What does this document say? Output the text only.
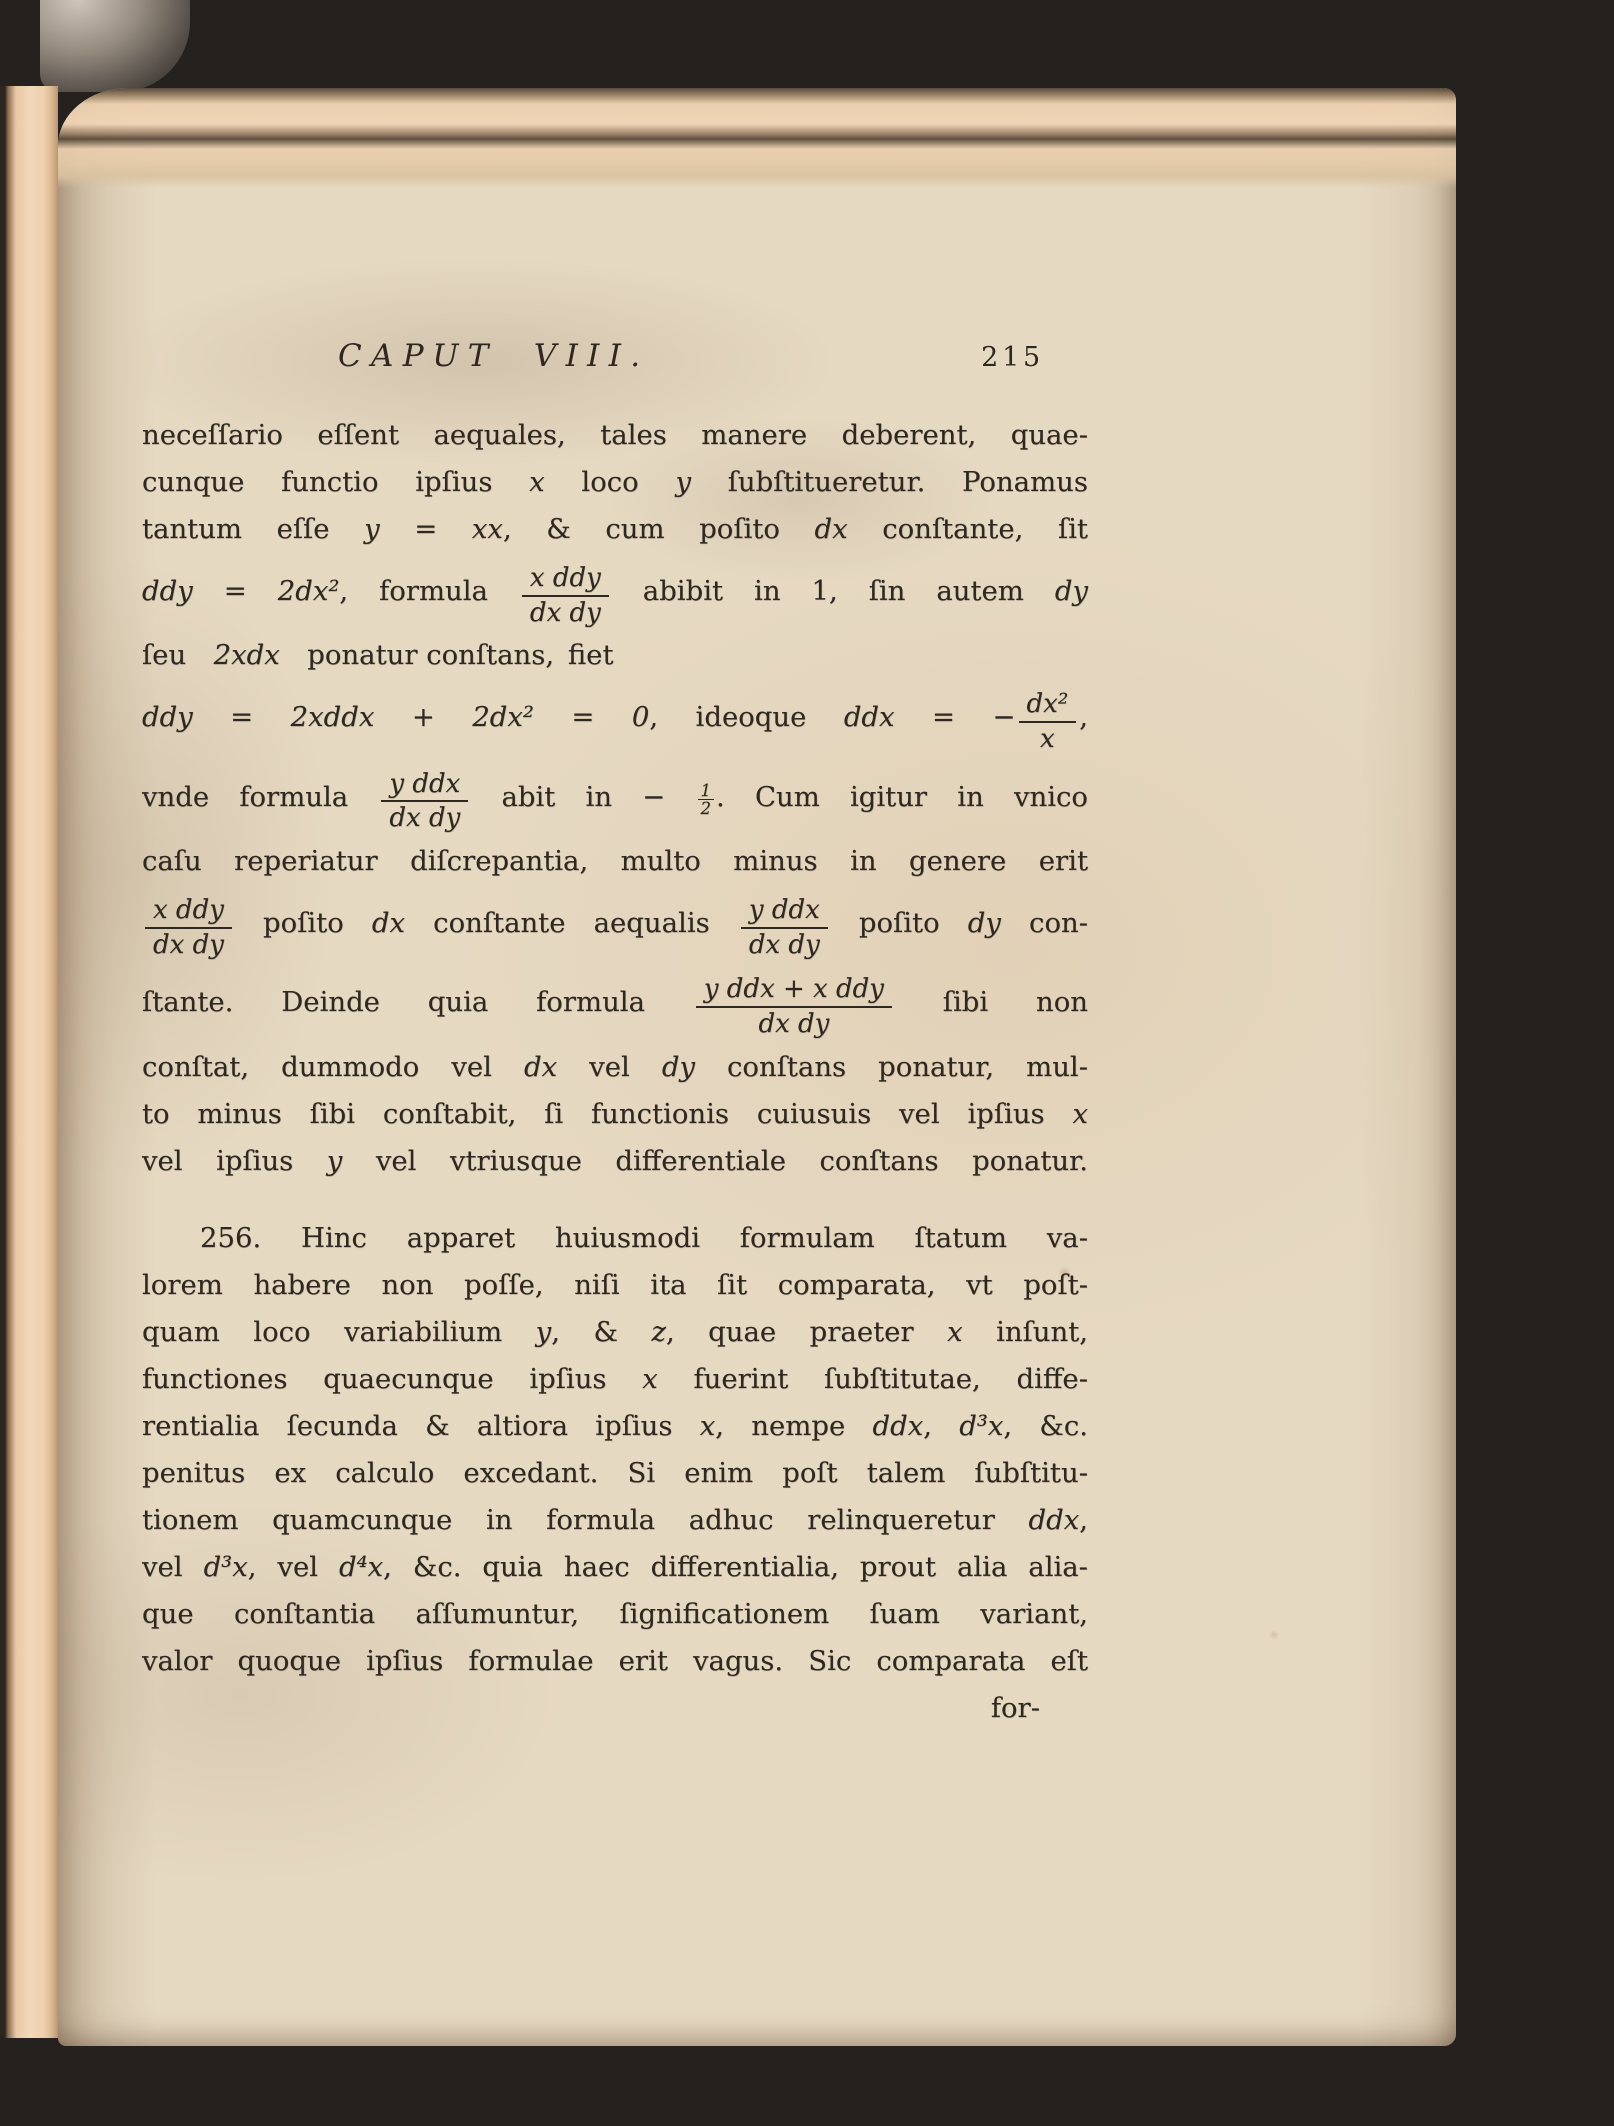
CAPUT VIII.	215
neceſſario eſſent aequales, tales manere deberent, quae-
cunque functio ipſius x loco y ſubſtitueretur. Ponamus
tantum eſſe y = xx, & cum poſito dx conſtante, ſit
ddy = 2dx², formula $\frac{\text{x ddy}}{\text{dx dy}}$ abibit in 1, ſin autem dy
ſeu 2xdx ponatur conſtans, fiet
ddy = 2xddx + 2dx² = 0, ideoque ddx = − $\frac{\text{dx²}}{x}$ ,
vnde formula $\frac{\text{y ddx}}{\text{dx dy}}$ abit in − $\frac{1}{2}$ . Cum igitur in vnico
caſu reperiatur diſcrepantia, multo minus in genere erit
$\frac{\text{x ddy}}{\text{dx dy}}$ poſito dx conſtante aequalis $\frac{\text{y ddx}}{\text{dx dy}}$ poſito dy con-
ſtante. Deinde quia formula $\frac{\text{y ddx + x ddy}}{\text{dx dy}}$ ſibi non
conſtat, dummodo vel dx vel dy conſtans ponatur, mul-
to minus ſibi conſtabit, ſi functionis cuiusuis vel ipſius x
vel ipſius y vel vtriusque differentiale conſtans ponatur.
256. Hinc apparet huiusmodi formulam ſtatum va-
lorem habere non poſſe, niſi ita ſit comparata, vt poſt-
quam loco variabilium y, & z, quae praeter x inſunt,
functiones quaecunque ipſius x fuerint ſubſtitutae, diffe-
rentialia ſecunda & altiora ipſius x, nempe ddx, d³x, &c.
penitus ex calculo excedant. Si enim poſt talem ſubſtitu-
tionem quamcunque in formula adhuc relinqueretur ddx,
vel d³x, vel d⁴x, &c. quia haec differentialia, prout alia alia-
que conſtantia aſſumuntur, ſignificationem ſuam variant,
valor quoque ipſius formulae erit vagus. Sic comparata eſt
for-
